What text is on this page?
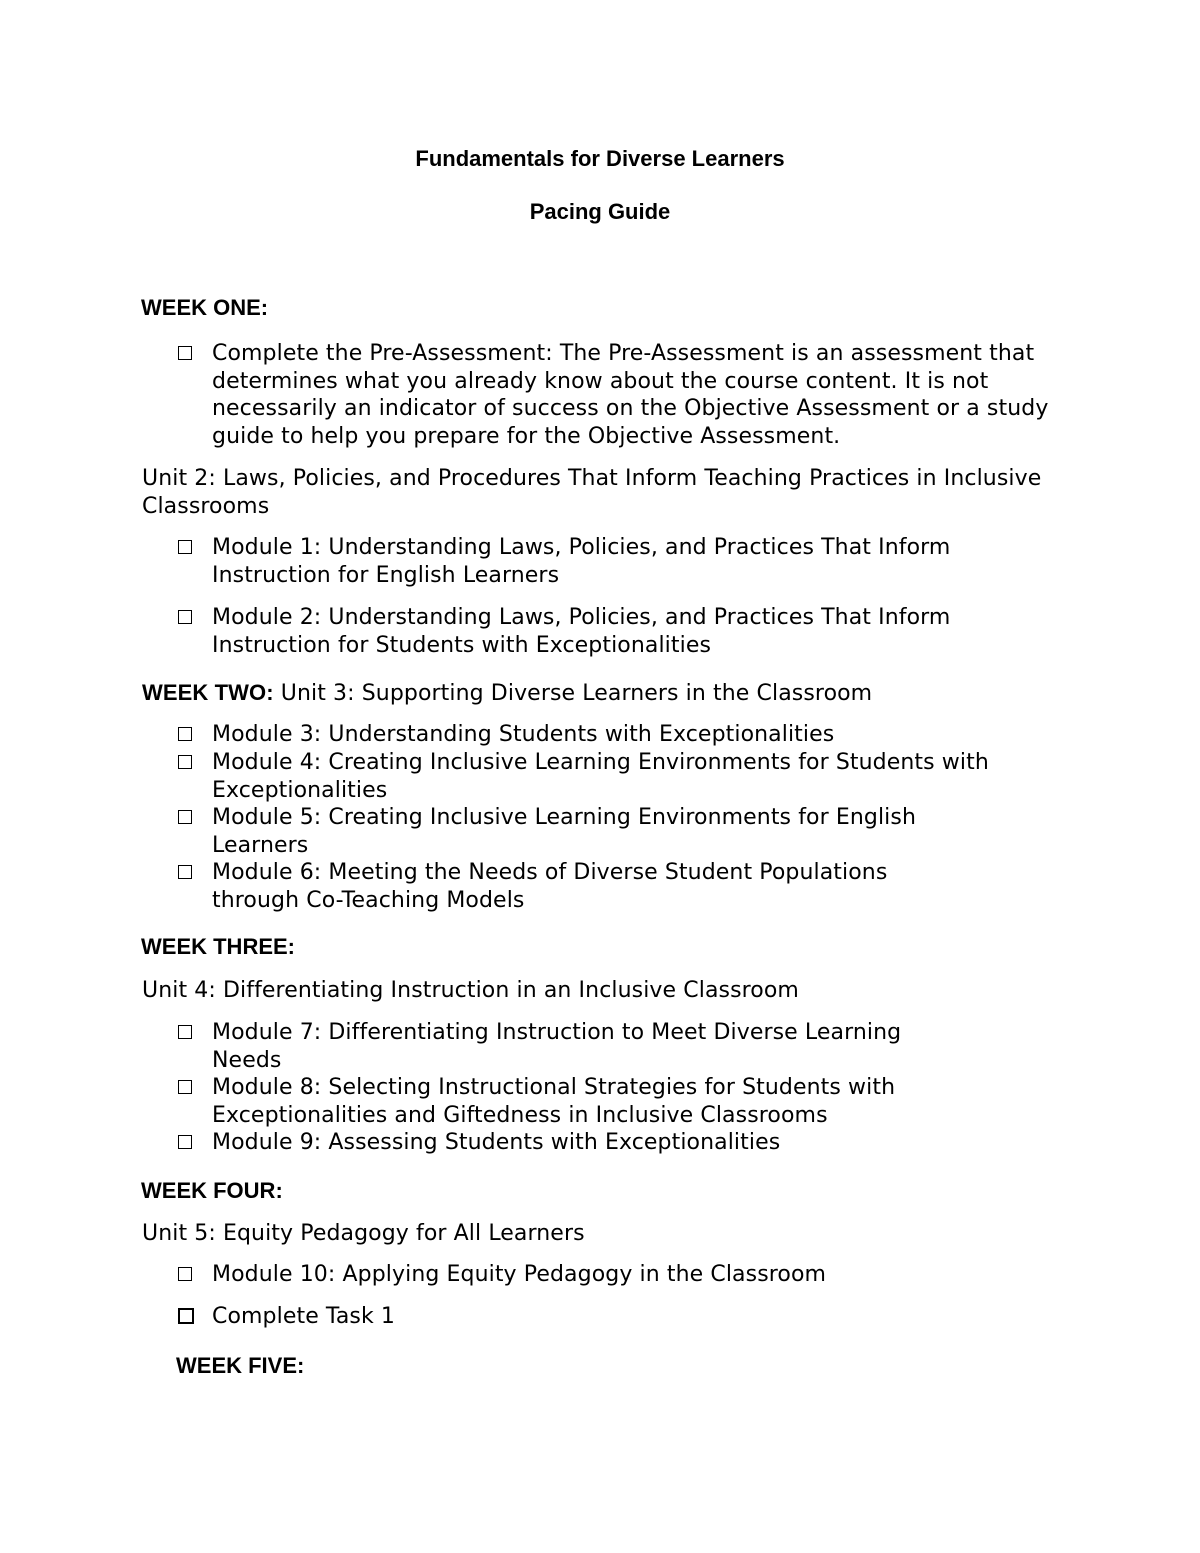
Fundamentals for Diverse Learners
Pacing Guide
WEEK ONE:
Complete the Pre-Assessment: The Pre-Assessment is an assessment that determines what you already know about the course content. It is not necessarily an indicator of success on the Objective Assessment or a study guide to help you prepare for the Objective Assessment.
Unit 2: Laws, Policies, and Procedures That Inform Teaching Practices in Inclusive Classrooms
Module 1: Understanding Laws, Policies, and Practices That Inform Instruction for English Learners
Module 2: Understanding Laws, Policies, and Practices That Inform Instruction for Students with Exceptionalities
WEEK TWO: Unit 3: Supporting Diverse Learners in the Classroom
Module 3: Understanding Students with Exceptionalities
Module 4: Creating Inclusive Learning Environments for Students with Exceptionalities
Module 5: Creating Inclusive Learning Environments for English Learners
Module 6: Meeting the Needs of Diverse Student Populations through Co-Teaching Models
WEEK THREE:
Unit 4: Differentiating Instruction in an Inclusive Classroom
Module 7: Differentiating Instruction to Meet Diverse Learning Needs
Module 8: Selecting Instructional Strategies for Students with Exceptionalities and Giftedness in Inclusive Classrooms
Module 9: Assessing Students with Exceptionalities
WEEK FOUR:
Unit 5: Equity Pedagogy for All Learners
Module 10: Applying Equity Pedagogy in the Classroom
Complete Task 1
WEEK FIVE:
